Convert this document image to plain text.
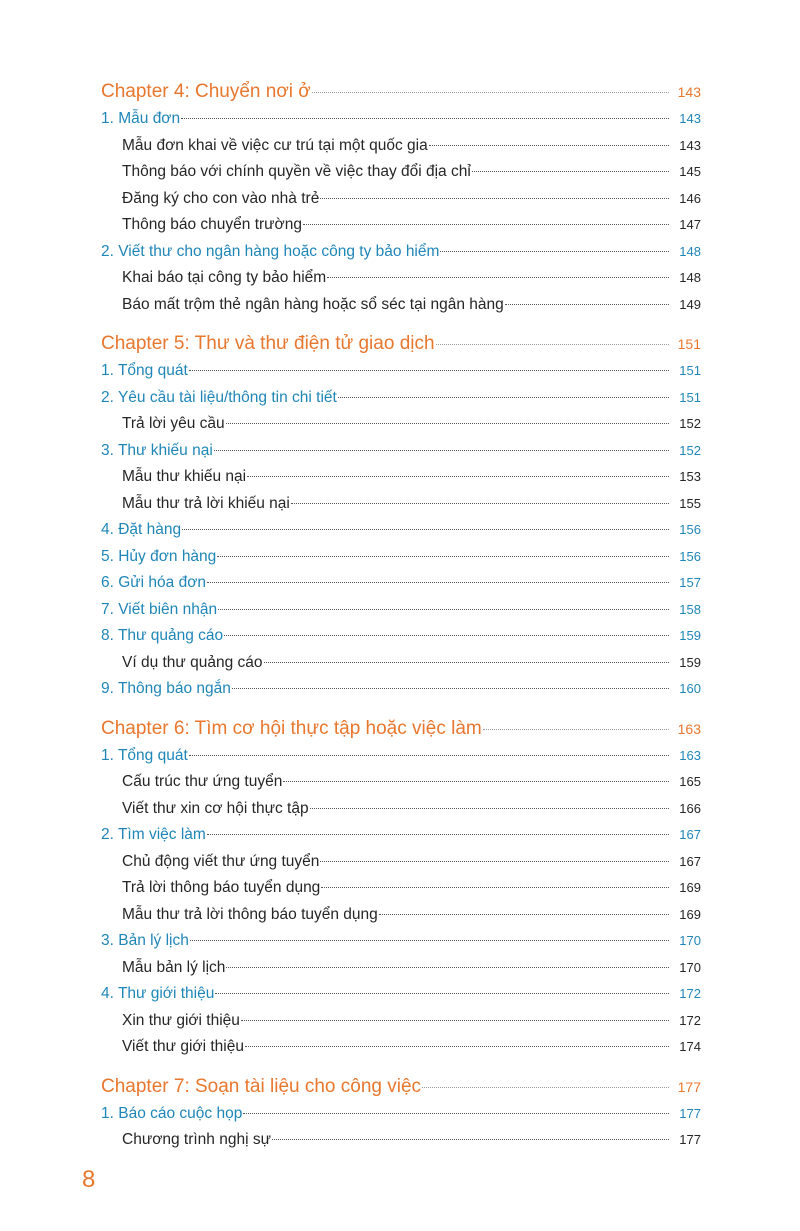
Chapter 4: Chuyển nơi ở	143
1. Mẫu đơn	143
Mẫu đơn khai về việc cư trú tại một quốc gia	143
Thông báo với chính quyền về việc thay đổi địa chỉ	145
Đăng ký cho con vào nhà trẻ	146
Thông báo chuyển trường	147
2. Viết thư cho ngân hàng hoặc công ty bảo hiểm	148
Khai báo tại công ty bảo hiểm	148
Báo mất trộm thẻ ngân hàng hoặc sổ séc tại ngân hàng	149
Chapter 5: Thư và thư điện tử giao dịch	151
1. Tổng quát	151
2. Yêu cầu tài liệu/thông tin chi tiết	151
Trả lời yêu cầu	152
3. Thư khiếu nại	152
Mẫu thư khiếu nại	153
Mẫu thư trả lời khiếu nại	155
4. Đặt hàng	156
5. Hủy đơn hàng	156
6. Gửi hóa đơn	157
7. Viết biên nhận	158
8. Thư quảng cáo	159
Ví dụ thư quảng cáo	159
9. Thông báo ngắn	160
Chapter 6: Tìm cơ hội thực tập hoặc việc làm	163
1. Tổng quát	163
Cấu trúc thư ứng tuyển	165
Viết thư xin cơ hội thực tập	166
2. Tìm việc làm	167
Chủ động viết thư ứng tuyển	167
Trả lời thông báo tuyển dụng	169
Mẫu thư trả lời thông báo tuyển dụng	169
3. Bản lý lịch	170
Mẫu bản lý lịch	170
4. Thư giới thiệu	172
Xin thư giới thiệu	172
Viết thư giới thiệu	174
Chapter 7: Soạn tài liệu cho công việc	177
1. Báo cáo cuộc họp	177
Chương trình nghị sự	177
8
